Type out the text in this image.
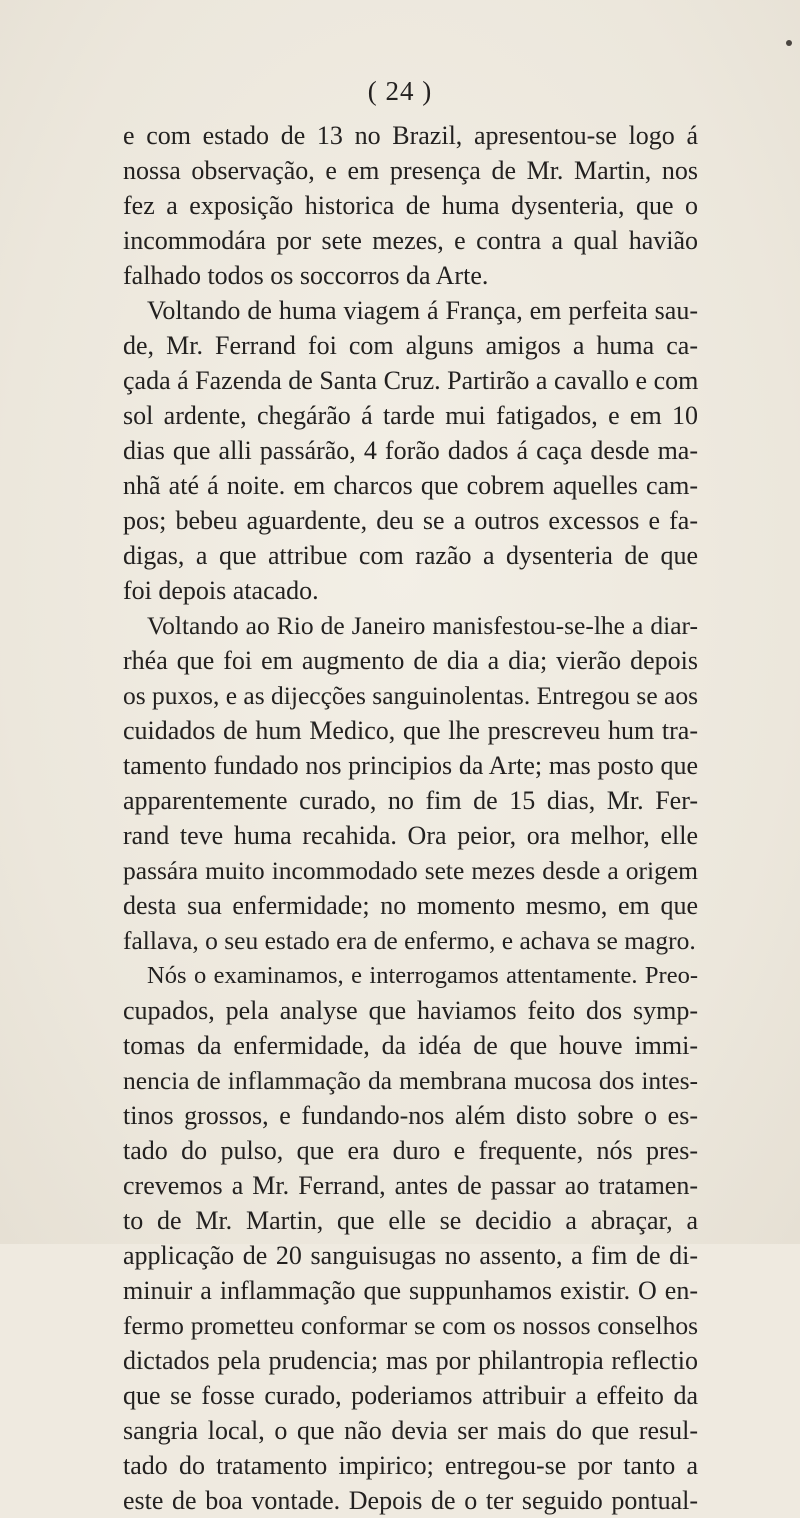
( 24 )
e com estado de 13 no Brazil, apresentou-se logo á
nossa observação, e em presença de Mr. Martin, nos
fez a exposição historica de huma dysenteria, que o
incommodára por sete mezes, e contra a qual havião
falhado todos os soccorros da Arte.
Voltando de huma viagem á França, em perfeita sau-
de, Mr. Ferrand foi com alguns amigos a huma ca-
çada á Fazenda de Santa Cruz. Partirão a cavallo e com
sol ardente, chegárão á tarde mui fatigados, e em 10
dias que alli passárão, 4 forão dados á caça desde ma-
nhã até á noite. em charcos que cobrem aquelles cam-
pos; bebeu aguardente, deu se a outros excessos e fa-
digas, a que attribue com razão a dysenteria de que
foi depois atacado.
Voltando ao Rio de Janeiro manisfestou-se-lhe a diar-
rhéa que foi em augmento de dia a dia; vierão depois
os puxos, e as dijecções sanguinolentas. Entregou se aos
cuidados de hum Medico, que lhe prescreveu hum tra-
tamento fundado nos principios da Arte; mas posto que
apparentemente curado, no fim de 15 dias, Mr. Fer-
rand teve huma recahida. Ora peior, ora melhor, elle
passára muito incommodado sete mezes desde a origem
desta sua enfermidade; no momento mesmo, em que
fallava, o seu estado era de enfermo, e achava se magro.
Nós o examinamos, e interrogamos attentamente. Preo-
cupados, pela analyse que haviamos feito dos symp-
tomas da enfermidade, da idéa de que houve immi-
nencia de inflammação da membrana mucosa dos intes-
tinos grossos, e fundando-nos além disto sobre o es-
tado do pulso, que era duro e frequente, nós pres-
crevemos a Mr. Ferrand, antes de passar ao tratamen-
to de Mr. Martin, que elle se decidio a abraçar, a
applicação de 20 sanguisugas no assento, a fim de di-
minuir a inflammação que suppunhamos existir. O en-
fermo prometteu conformar se com os nossos conselhos
dictados pela prudencia; mas por philantropia reflectio
que se fosse curado, poderiamos attribuir a effeito da
sangria local, o que não devia ser mais do que resul-
tado do tratamento impirico; entregou-se por tanto a
este de boa vontade. Depois de o ter seguido pontual-
